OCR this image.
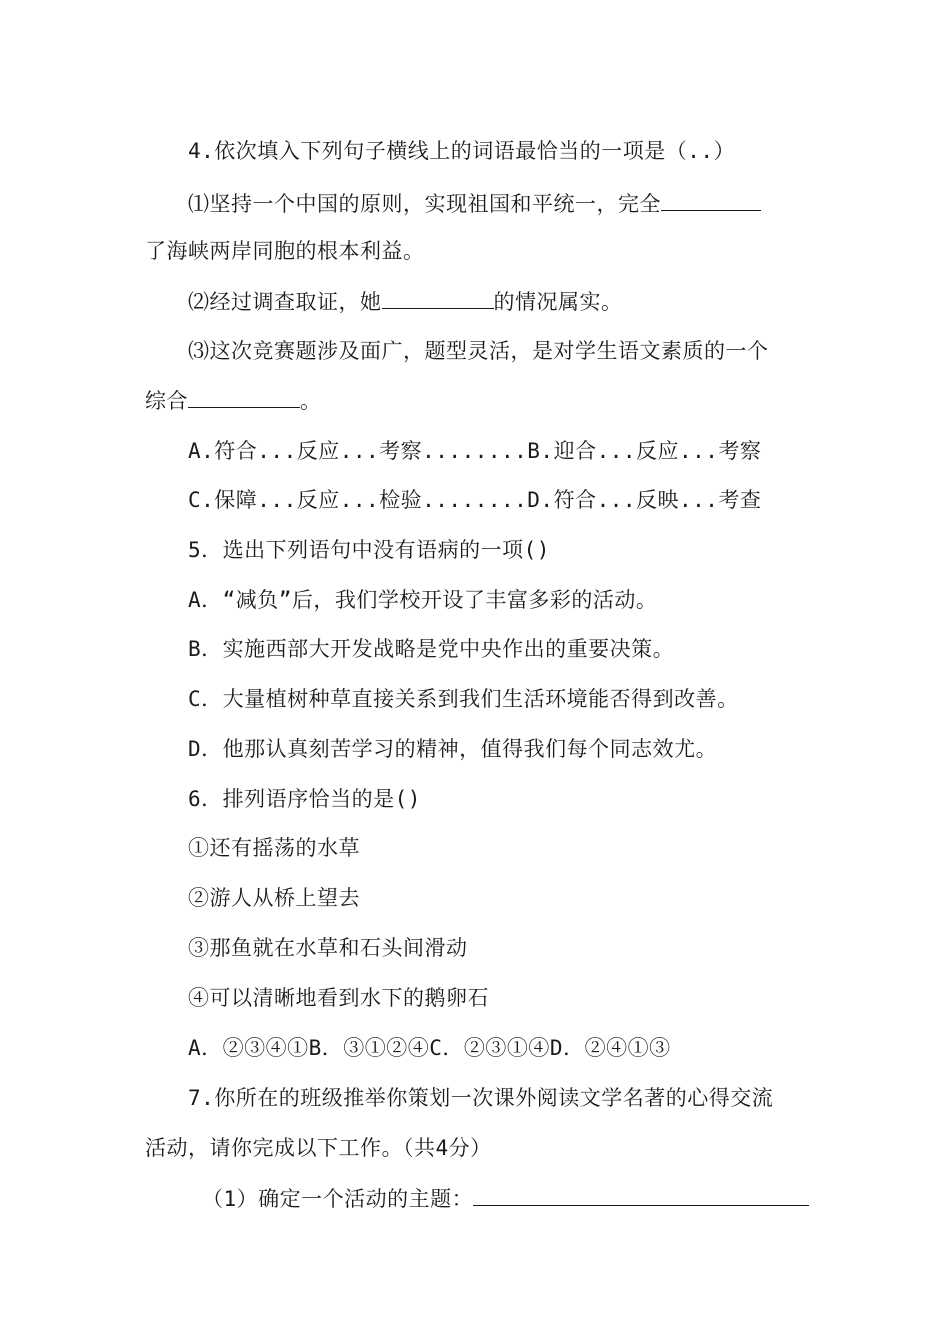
4.依次填入下列句子横线上的词语最恰当的一项是（..）
⑴坚持一个中国的原则，实现祖国和平统一，完全
了海峡两岸同胞的根本利益。
⑵经过调查取证，她	的情况属实。
⑶这次竞赛题涉及面广，题型灵活，是对学生语文素质的一个
综合	。
A.符合...反应...考察........B.迎合...反应...考察
C.保障...反应...检验........D.符合...反映...考查
5．选出下列语句中没有语病的一项()
A．“减负”后，我们学校开设了丰富多彩的活动。
B．实施西部大开发战略是党中央作出的重要决策。
C．大量植树种草直接关系到我们生活环境能否得到改善。
D．他那认真刻苦学习的精神，值得我们每个同志效尤。
6．排列语序恰当的是()
①还有摇荡的水草
②游人从桥上望去
③那鱼就在水草和石头间滑动
④可以清晰地看到水下的鹅卵石
A．②③④①B．③①②④C．②③①④D．②④①③
7.你所在的班级推举你策划一次课外阅读文学名著的心得交流
活动，请你完成以下工作。（共4分）
（1）确定一个活动的主题：
